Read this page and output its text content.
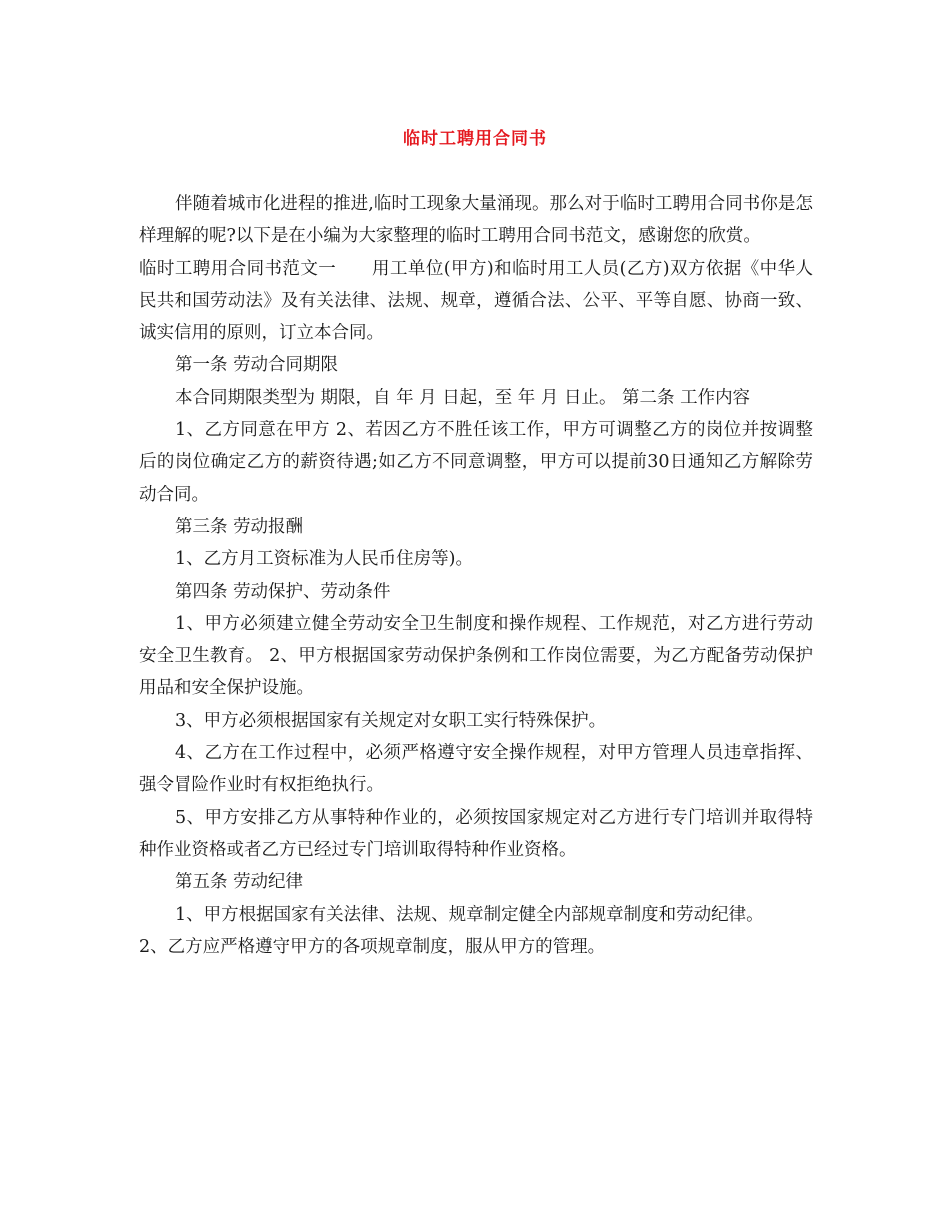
临时工聘用合同书

伴随着城市化进程的推进,临时工现象大量涌现。那么对于临时工聘用合同书你是怎样理解的呢?以下是在小编为大家整理的临时工聘用合同书范文，感谢您的欣赏。

临时工聘用合同书范文一　　用工单位(甲方)和临时用工人员(乙方)双方依据《中华人民共和国劳动法》及有关法律、法规、规章，遵循合法、公平、平等自愿、协商一致、诚实信用的原则，订立本合同。

第一条 劳动合同期限

本合同期限类型为 期限，自 年 月 日起，至 年 月 日止。 第二条 工作内容

1、乙方同意在甲方 2、若因乙方不胜任该工作，甲方可调整乙方的岗位并按调整后的岗位确定乙方的薪资待遇;如乙方不同意调整，甲方可以提前30日通知乙方解除劳动合同。

第三条 劳动报酬

1、乙方月工资标准为人民币住房等)。

第四条 劳动保护、劳动条件

1、甲方必须建立健全劳动安全卫生制度和操作规程、工作规范，对乙方进行劳动安全卫生教育。 2、甲方根据国家劳动保护条例和工作岗位需要，为乙方配备劳动保护用品和安全保护设施。

3、甲方必须根据国家有关规定对女职工实行特殊保护。

4、乙方在工作过程中，必须严格遵守安全操作规程，对甲方管理人员违章指挥、强令冒险作业时有权拒绝执行。

5、甲方安排乙方从事特种作业的，必须按国家规定对乙方进行专门培训并取得特种作业资格或者乙方已经过专门培训取得特种作业资格。

第五条 劳动纪律

1、甲方根据国家有关法律、法规、规章制定健全内部规章制度和劳动纪律。

2、乙方应严格遵守甲方的各项规章制度，服从甲方的管理。
